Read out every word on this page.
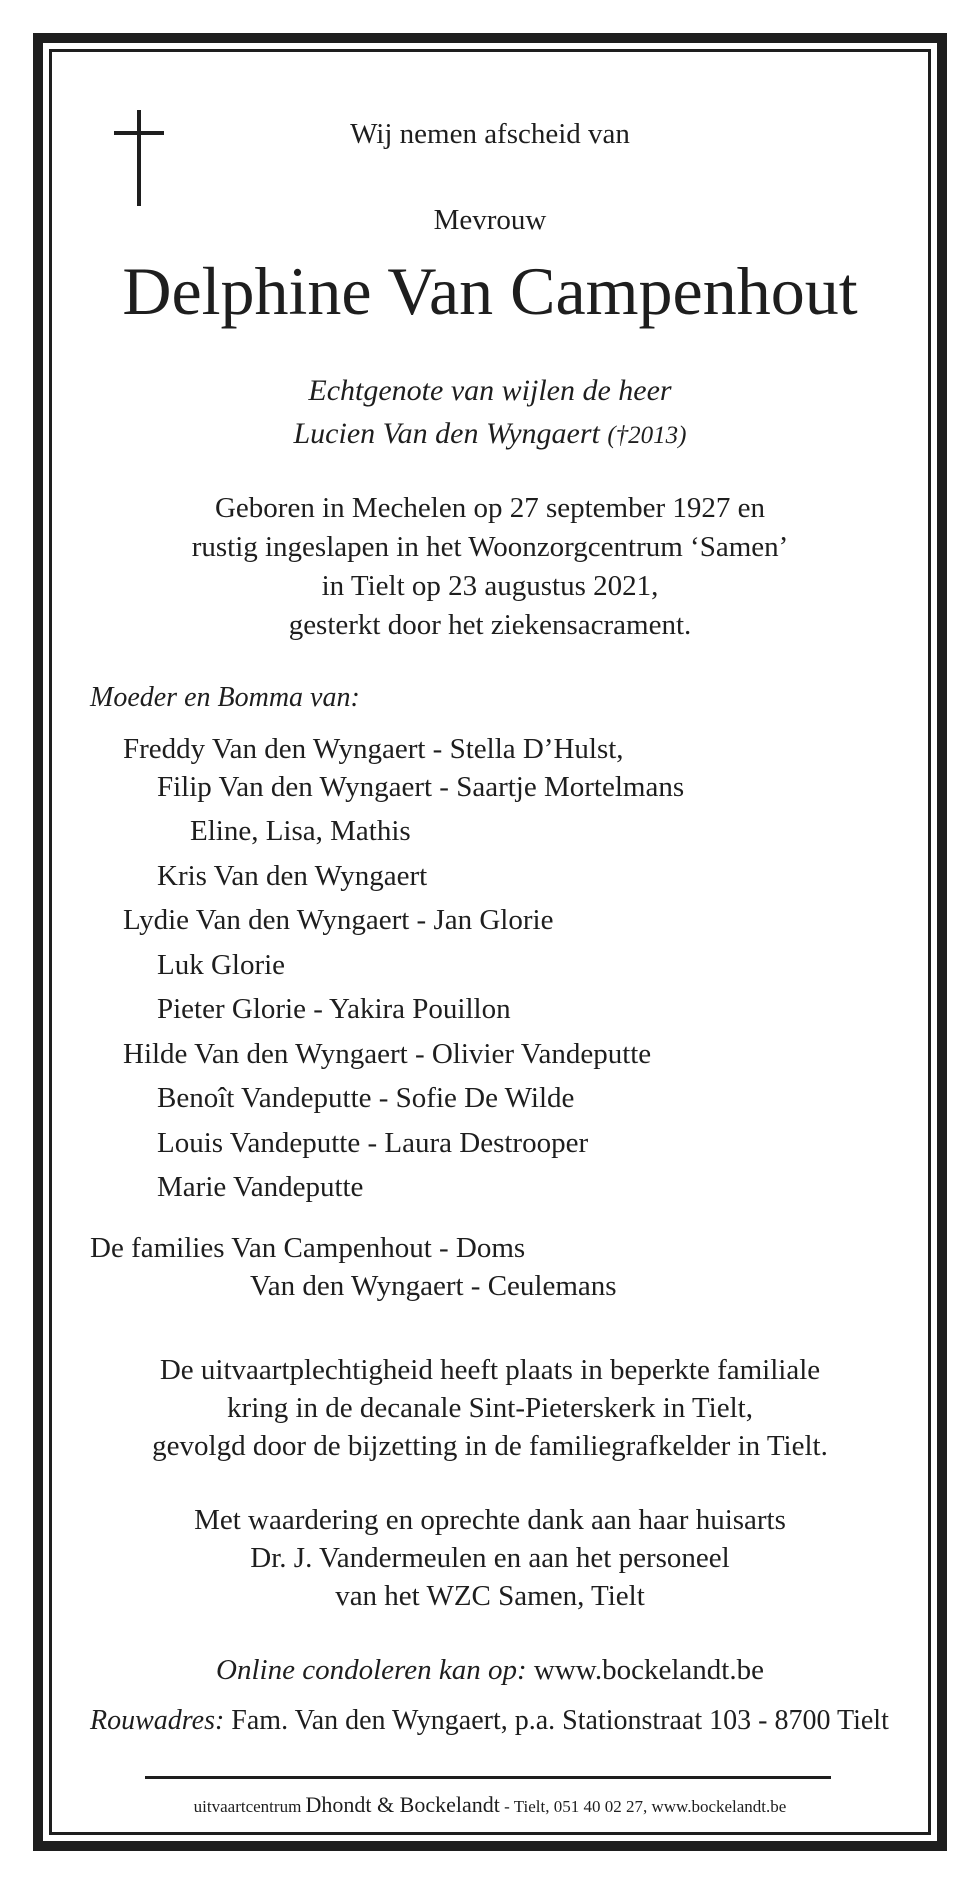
Wij nemen afscheid van
Mevrouw
Delphine Van Campenhout
Echtgenote van wijlen de heer
Lucien Van den Wyngaert (†2013)
Geboren in Mechelen op 27 september 1927 en
rustig ingeslapen in het Woonzorgcentrum ‘Samen’
in Tielt op 23 augustus 2021,
gesterkt door het ziekensacrament.
Moeder en Bomma van:
Freddy Van den Wyngaert - Stella D’Hulst,
Filip Van den Wyngaert - Saartje Mortelmans
Eline, Lisa, Mathis
Kris Van den Wyngaert
Lydie Van den Wyngaert - Jan Glorie
Luk Glorie
Pieter Glorie - Yakira Pouillon
Hilde Van den Wyngaert - Olivier Vandeputte
Benoît Vandeputte - Sofie De Wilde
Louis Vandeputte - Laura Destrooper
Marie Vandeputte
De families Van Campenhout - Doms
Van den Wyngaert - Ceulemans
De uitvaartplechtigheid heeft plaats in beperkte familiale
kring in de decanale Sint-Pieterskerk in Tielt,
gevolgd door de bijzetting in de familiegrafkelder in Tielt.
Met waardering en oprechte dank aan haar huisarts
Dr. J. Vandermeulen en aan het personeel
van het WZC Samen, Tielt
Online condoleren kan op: www.bockelandt.be
Rouwadres: Fam. Van den Wyngaert, p.a. Stationstraat 103 - 8700 Tielt
uitvaartcentrum Dhondt & Bockelandt - Tielt, 051 40 02 27, www.bockelandt.be
